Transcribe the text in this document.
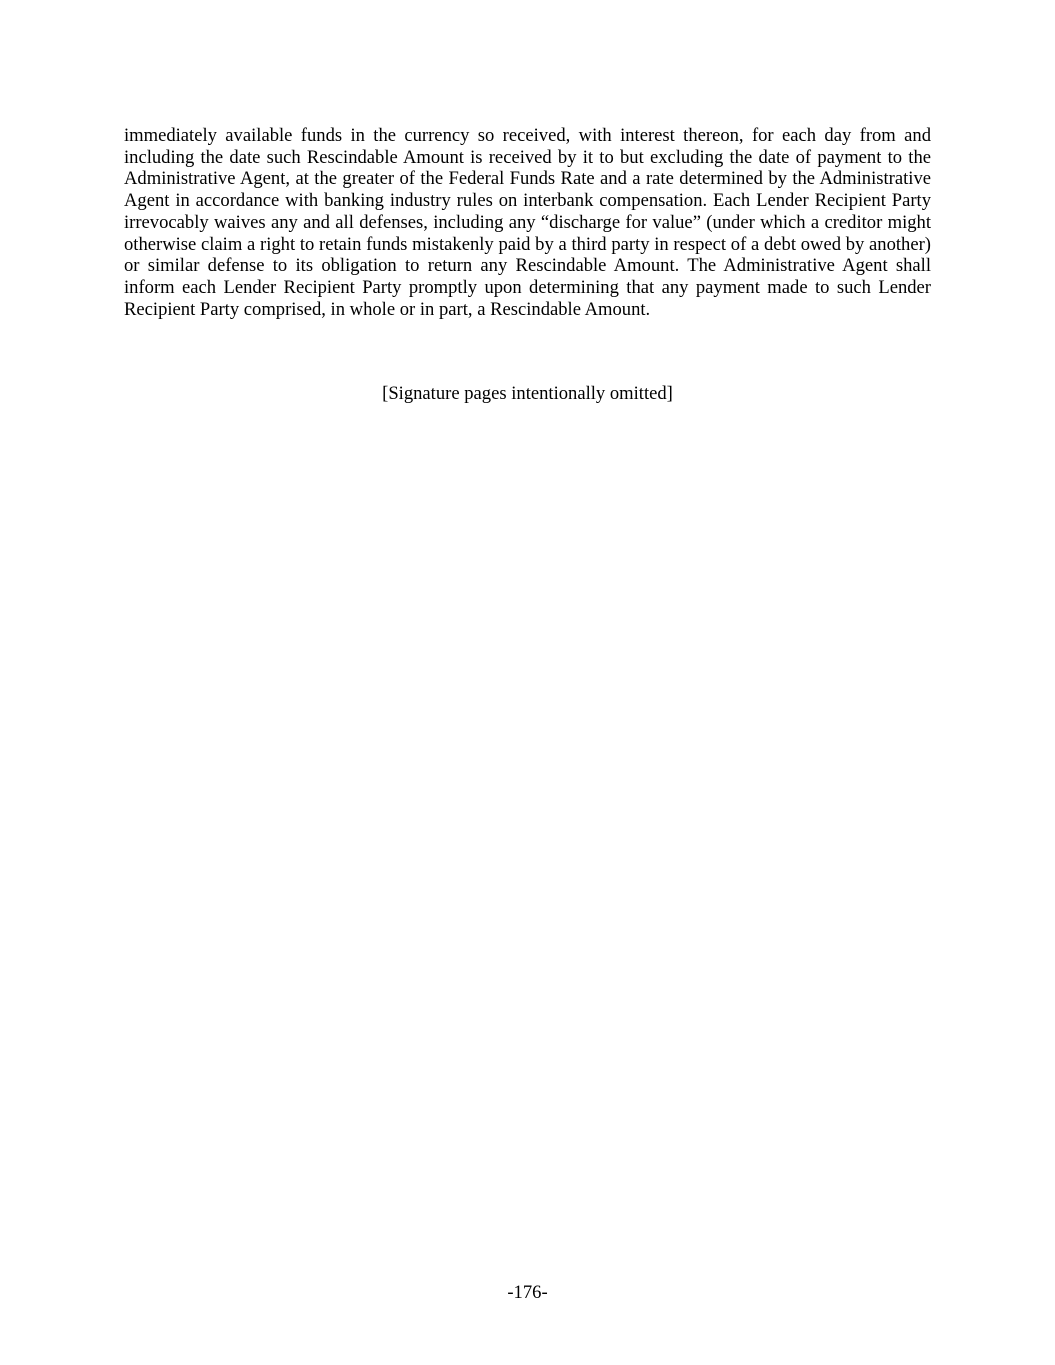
immediately available funds in the currency so received, with interest thereon, for each day from and including the date such Rescindable Amount is received by it to but excluding the date of payment to the Administrative Agent, at the greater of the Federal Funds Rate and a rate determined by the Administrative Agent in accordance with banking industry rules on interbank compensation. Each Lender Recipient Party irrevocably waives any and all defenses, including any “discharge for value” (under which a creditor might otherwise claim a right to retain funds mistakenly paid by a third party in respect of a debt owed by another) or similar defense to its obligation to return any Rescindable Amount. The Administrative Agent shall inform each Lender Recipient Party promptly upon determining that any payment made to such Lender Recipient Party comprised, in whole or in part, a Rescindable Amount.

[Signature pages intentionally omitted]

-176-
